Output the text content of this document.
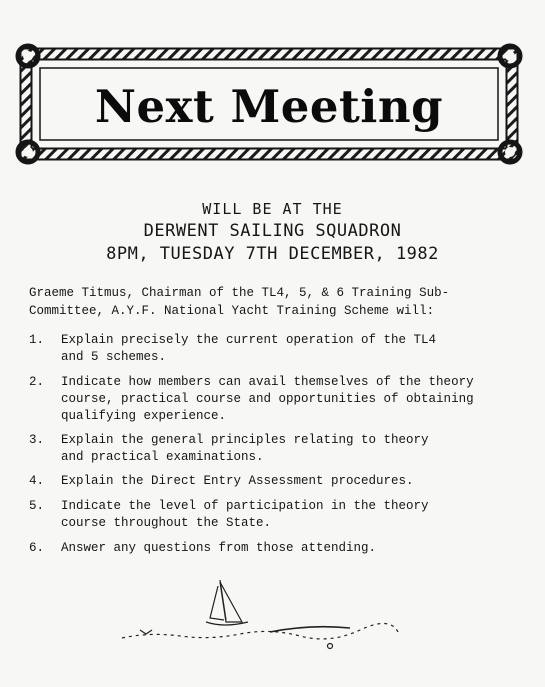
Next Meeting
WILL BE AT THE
DERWENT SAILING SQUADRON
8PM, TUESDAY 7TH DECEMBER, 1982
Graeme Titmus, Chairman of the TL4, 5, & 6 Training Sub-
Committee, A.Y.F. National Yacht Training Scheme will:
1. Explain precisely the current operation of the TL4
and 5 schemes.
2. Indicate how members can avail themselves of the theory
course, practical course and opportunities of obtaining
qualifying experience.
3. Explain the general principles relating to theory
and practical examinations.
4. Explain the Direct Entry Assessment procedures.
5. Indicate the level of participation in the theory
course throughout the State.
6. Answer any questions from those attending.
